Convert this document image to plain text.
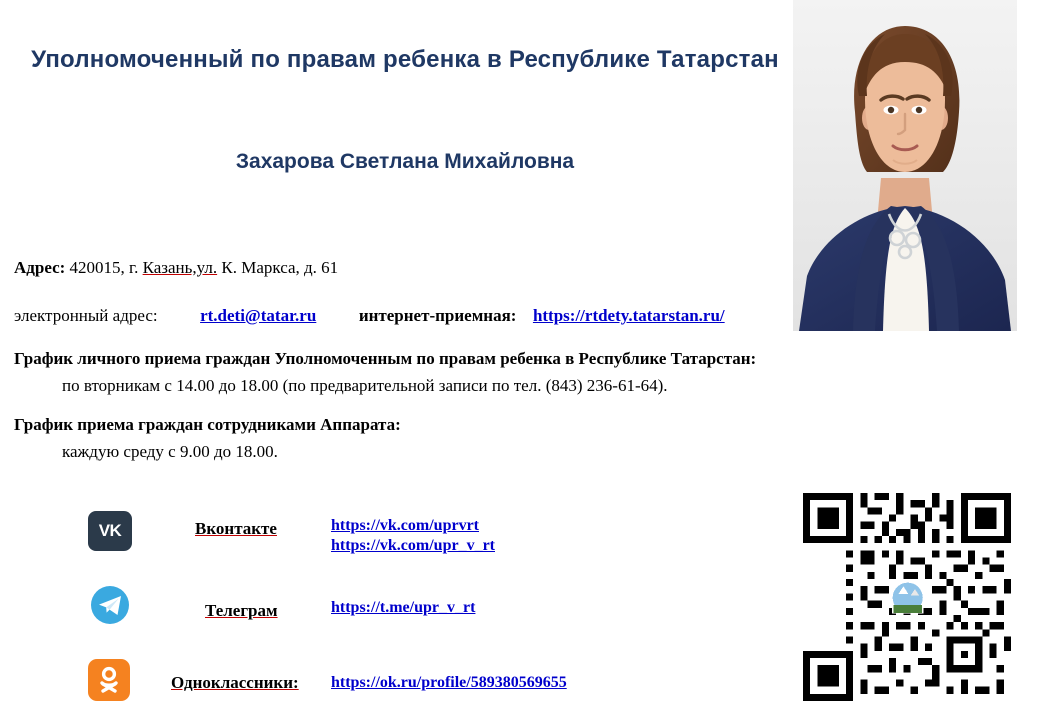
Уполномоченный по правам ребенка в Республике Татарстан
Захарова Светлана Михайловна
Адрес: 420015, г. Казань,ул. К. Маркса, д. 61
электронный адрес:	rt.deti@tatar.ru	интернет-приемная: https://rtdety.tatarstan.ru/
График личного приема граждан Уполномоченным по правам ребенка в Республике Татарстан:
по вторникам с 14.00 до 18.00 (по предварительной записи по тел. (843) 236-61-64).
График приема граждан сотрудниками Аппарата:
каждую среду с 9.00 до 18.00.
VK	Вконтакте	https://vk.com/uprvrt
https://vk.com/upr_v_rt
Телеграм	https://t.me/upr_v_rt
Одноклассники: https://ok.ru/profile/589380569655
